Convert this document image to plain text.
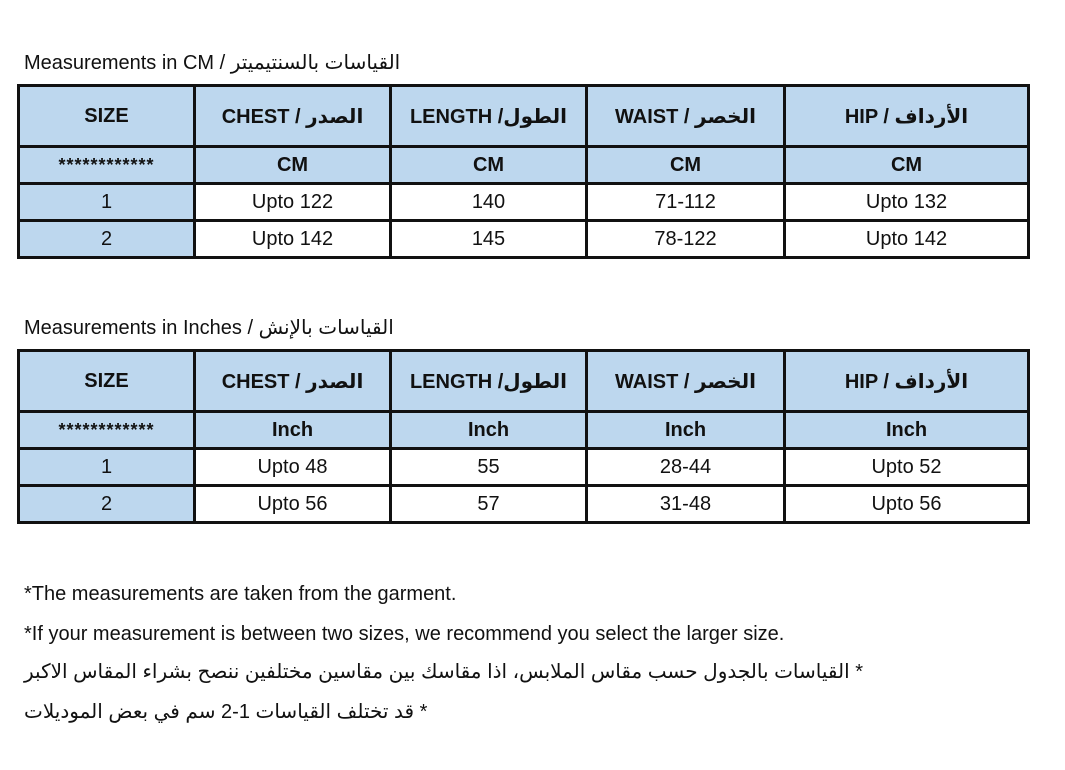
Measurements in CM / القياسات بالسنتيميتر
SIZE	CHEST / الصدر	LENGTH /الطول	WAIST / الخصر	HIP / الأرداف
************	CM	CM	CM	CM
1	Upto 122	140	71-112	Upto 132
2	Upto 142	145	78-122	Upto 142
Measurements in Inches / القياسات بالإنش
SIZE	CHEST / الصدر	LENGTH /الطول	WAIST / الخصر	HIP / الأرداف
************	Inch	Inch	Inch	Inch
1	Upto 48	55	28-44	Upto 52
2	Upto 56	57	31-48	Upto 56
*The measurements are taken from the garment.
*If your measurement is between two sizes, we recommend you select the larger size.
* القياسات بالجدول حسب مقاس الملابس، اذا مقاسك بين مقاسين مختلفين ننصح بشراء المقاس الاكبر
* قد تختلف القياسات 1-2 سم في بعض الموديلات
